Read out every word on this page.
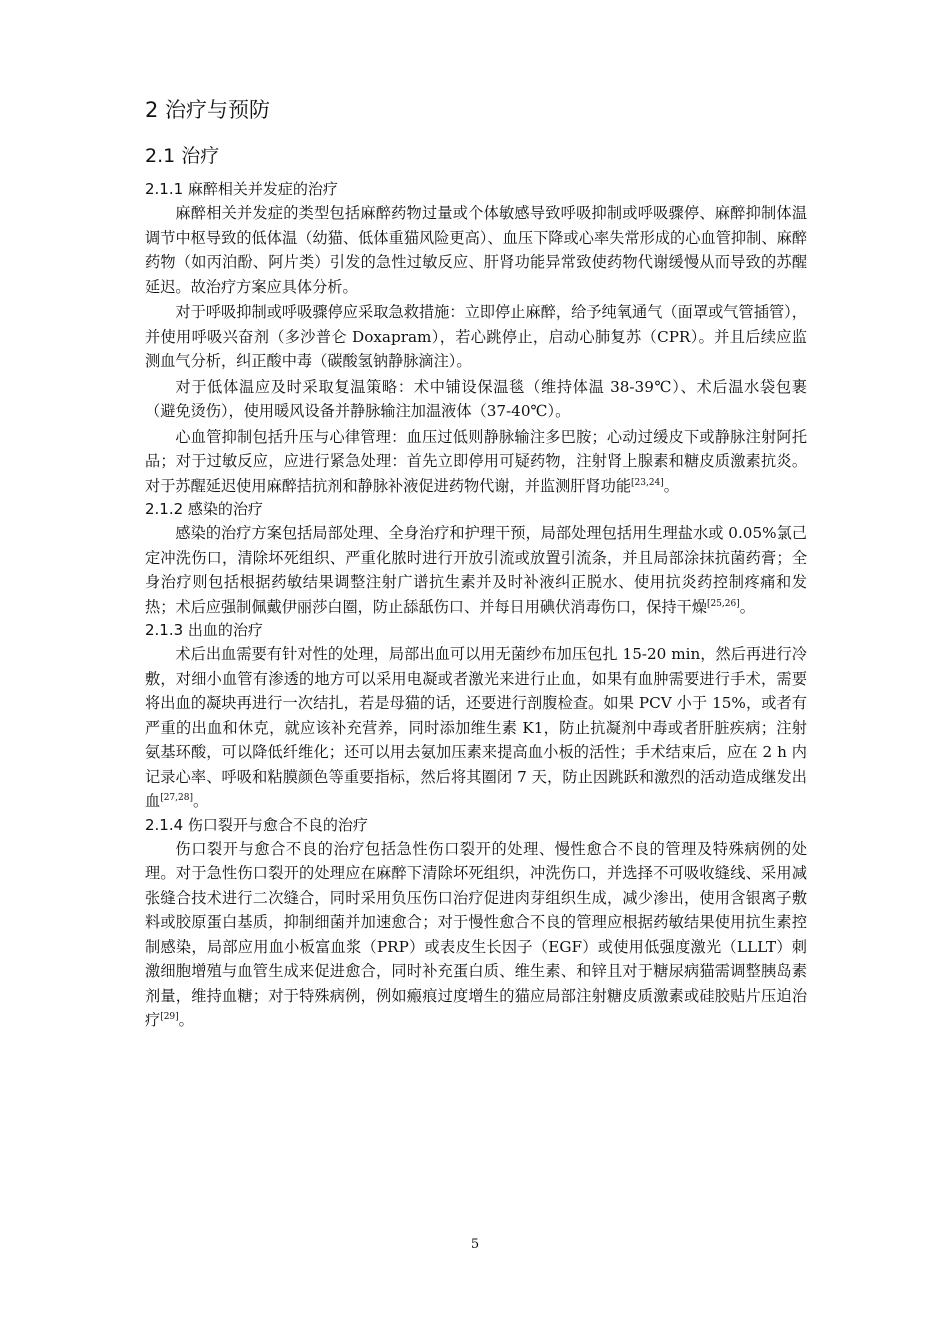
2 治疗与预防
2.1 治疗
2.1.1 麻醉相关并发症的治疗

麻醉相关并发症的类型包括麻醉药物过量或个体敏感导致呼吸抑制或呼吸骤停、麻醉抑制体温调节中枢导致的低体温（幼猫、低体重猫风险更高）、血压下降或心率失常形成的心血管抑制、麻醉药物（如丙泊酚、阿片类）引发的急性过敏反应、肝肾功能异常致使药物代谢缓慢从而导致的苏醒延迟。故治疗方案应具体分析。

对于呼吸抑制或呼吸骤停应采取急救措施：立即停止麻醉，给予纯氧通气（面罩或气管插管），并使用呼吸兴奋剂（多沙普仑 Doxapram），若心跳停止，启动心肺复苏（CPR）。并且后续应监测血气分析，纠正酸中毒（碳酸氢钠静脉滴注）。

对于低体温应及时采取复温策略：术中铺设保温毯（维持体温 38-39℃）、术后温水袋包裹（避免烫伤），使用暖风设备并静脉输注加温液体（37-40℃）。

心血管抑制包括升压与心律管理：血压过低则静脉输注多巴胺；心动过缓皮下或静脉注射阿托品；对于过敏反应，应进行紧急处理：首先立即停用可疑药物，注射肾上腺素和糖皮质激素抗炎。对于苏醒延迟使用麻醉拮抗剂和静脉补液促进药物代谢，并监测肝肾功能[23,24]。

2.1.2 感染的治疗

感染的治疗方案包括局部处理、全身治疗和护理干预，局部处理包括用生理盐水或 0.05%氯己定冲洗伤口，清除坏死组织、严重化脓时进行开放引流或放置引流条，并且局部涂抹抗菌药膏；全身治疗则包括根据药敏结果调整注射广谱抗生素并及时补液纠正脱水、使用抗炎药控制疼痛和发热；术后应强制佩戴伊丽莎白圈，防止舔舐伤口、并每日用碘伏消毒伤口，保持干燥[25,26]。

2.1.3 出血的治疗

术后出血需要有针对性的处理，局部出血可以用无菌纱布加压包扎 15-20 min，然后再进行冷敷，对细小血管有渗透的地方可以采用电凝或者激光来进行止血，如果有血肿需要进行手术，需要将出血的凝块再进行一次结扎，若是母猫的话，还要进行剖腹检查。如果 PCV 小于 15%，或者有严重的出血和休克，就应该补充营养，同时添加维生素 K1，防止抗凝剂中毒或者肝脏疾病；注射氨基环酸，可以降低纤维化；还可以用去氨加压素来提高血小板的活性；手术结束后，应在 2 h 内记录心率、呼吸和粘膜颜色等重要指标，然后将其圈闭 7 天，防止因跳跃和激烈的活动造成继发出血[27,28]。

2.1.4 伤口裂开与愈合不良的治疗

伤口裂开与愈合不良的治疗包括急性伤口裂开的处理、慢性愈合不良的管理及特殊病例的处理。对于急性伤口裂开的处理应在麻醉下清除坏死组织，冲洗伤口，并选择不可吸收缝线、采用减张缝合技术进行二次缝合，同时采用负压伤口治疗促进肉芽组织生成，减少渗出，使用含银离子敷料或胶原蛋白基质，抑制细菌并加速愈合；对于慢性愈合不良的管理应根据药敏结果使用抗生素控制感染，局部应用血小板富血浆（PRP）或表皮生长因子（EGF）或使用低强度激光（LLLT）刺激细胞增殖与血管生成来促进愈合，同时补充蛋白质、维生素、和锌且对于糖尿病猫需调整胰岛素剂量，维持血糖；对于特殊病例，例如瘢痕过度增生的猫应局部注射糖皮质激素或硅胶贴片压迫治疗[29]。

5
